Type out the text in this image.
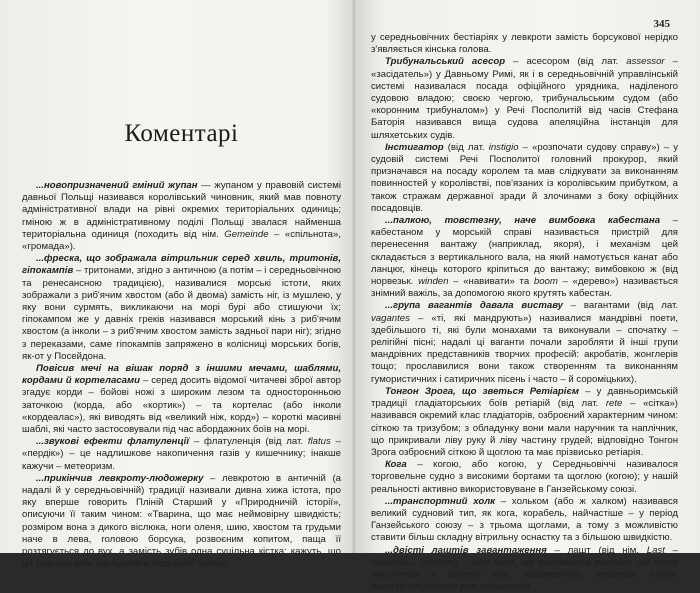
Коментарі

...новопризначений гміний жупан — жупаном у правовій системі давньої Польщі називався королівський чиновник, який мав повноту адміністративної влади на рівні окремих територіальних одиниць; гміною ж в адміністративному поділі Польщі звалася найменша територіальна одиниця (походить від нім. Gemeinde – «спільнота», «громада»).

...фреска, що зображала вітрильник серед хвиль, тритонів, гіпокампів – тритонами, згідно з античною (а потім – і середньовічною та ренесансною традицією), називалися морські істоти, яких зображали з риб'ячим хвостом (або й двома) замість ніг, із мушлею, у яку вони сурмять, викликаючи на морі бурі або стишуючи їх; гіпокампом же у давніх греків називався морський кінь з риб'ячим хвостом (а інколи – з риб'ячим хвостом замість задньої пари ніг); згідно з переказами, саме гіпокампів запряжено в колісниці морських богів, як-от у Посейдона.

Повісив мечі на вішак поряд з іншими мечами, шаблями, кордами й кортеласами – серед досить відомої читачеві зброї автор згадує корди – бойові ножі з широким лезом та односторонньою заточкою (корда, або «кортик») – та кортелас (або інколи «кордеалас»), які виводять від «великий ніж, корд») – короткі масивні шаблі, які часто застосовували під час абордажних боїв на морі.

...звукові ефекти флатуленції – флатуленція (від лат. flatus – «пердік») – це надлишкове накопичення газів у кишечнику; інакше кажучи – метеоризм.

...прикінчив левкроту-людожерку – левкротою в античній (а надалі й у середньовічній) традиції називали дивна хижа істота, про яку вперше говорить Пліній Старший у «Природничій історії», описуючи її таким чином: «Тварина, що має неймовірну швидкість; розміром вона з дикого віслюка, ноги оленя, шию, хвостом та грудьми наче в лева, головою борсука, розвоєним копитом, паща її розтягується до вух, а замість зубів одна суцільна кістка; кажуть, що ця тварина вміє наслідувати людський голос»;

345

у середньовічних бестіаріях у левкроти замість борсукової нерідко з'являється кінська голова.

Трибунальський асесор – асесором (від лат. assessor – «засідатель») у Давньому Римі, як і в середньовічній управлінській системі називалася посада офіційного урядника, наділеного судовою владою; своєю чергою, трибунальським судом (або «коронним трибуналом») у Речі Посполитій від часів Стефана Баторія називався вища судова апеляційна інстанція для шляхетських судів.

Інстигатор (від лат. instigio – «розпочати судову справу») – у судовій системі Речі Посполитої головний прокурор, який призначався на посаду королем та мав слідкувати за виконанням повинностей у королівстві, пов'язаних із королівським прибутком, а також стражам державної зради й злочинами з боку офіційних посадовців.

...палкою, товстезну, наче вимбовка кабестана – кабестаном у морській справі називається пристрій для перенесення вантажу (наприклад, якоря), і механізм цей складається з вертикального вала, на який намотується канат або ланцюг, кінець которого кріпиться до вантажу; вимбовкою ж (від норвезьк. winden – «навивати» та boom – «дерево») називається знімний важіль, за допомогою якого крутять кабестан.

...група вагантів давала виставу – вагантами (від лат. vagantes – «ті, які мандрують») називалися мандрівні поети, здебільшого ті, які були монахами та виконували – спочатку – релігійні пісні; надалі ці ваганти почали заробляти й інші групи мандрівних представників творчих професій: акробатів, жонглерів тощо; прославилися вони також створенням та виконанням гумористичних і сатиричних пісень і часто – й сороміцьких).

Тонгон Зрога, що зветься Ретіарієм – у давньоримській традиції гладіаторських боїв ретіарій (від лат. rete – «сітка») називався окремий клас гладіаторів, озброєний характерним чином: сіткою та тризубом; з обладунку вони мали наручник та наплічник, що прикривали ліву руку й ліву частину грудей; відповідно Тонгон Зрога озброєний сіткою й щоглою та має прізвисько ретіарія.

Кога – когою, або когою, у Середньовіччі називалося торговельне судно з високими бортами та щоглою (когою); у нашій реальності активно використовуване в Ганзейському союзі.

...транспортний холк – хольком (або ж халком) називався великий судновий тип, як кога, корабель, найчастіше – у період Ганзейського союзу – з трьома щоглами, а тому з можливістю ставити більш складну вітрильну оснастку та з більшою швидкістю.

...двісті лаштів завантаження – лашт (від нім. Last – «вантаж», «тягар») – міра ваги, що відповідала вантажу, що може вміститися в одному возі, запряженому четвіркою коней; використовувалися для позначення
